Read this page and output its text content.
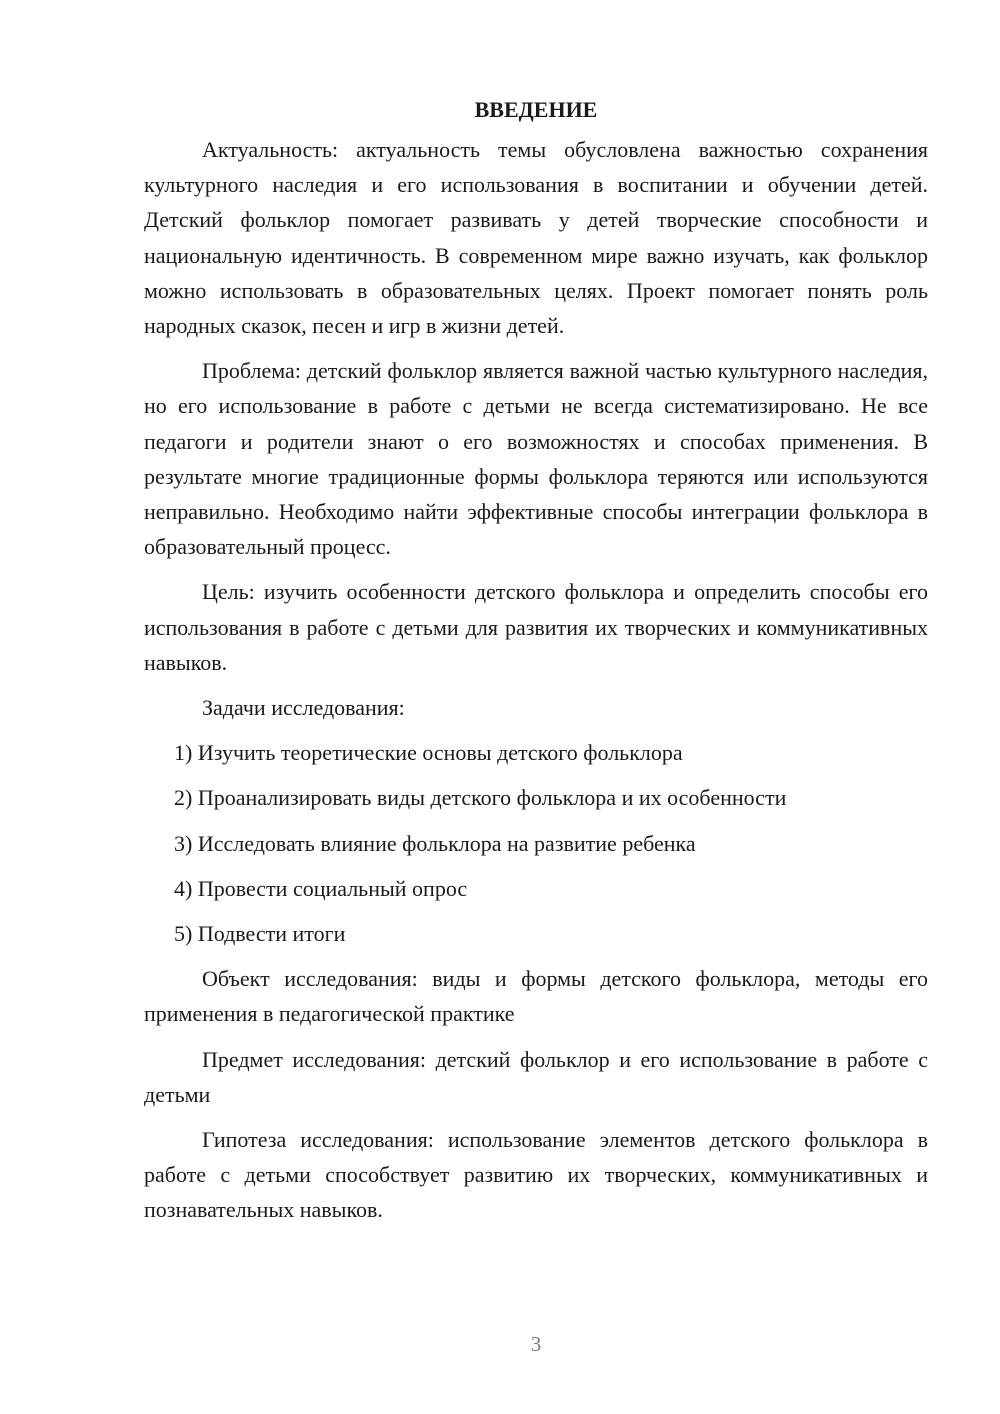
ВВЕДЕНИЕ

Актуальность: актуальность темы обусловлена важностью сохранения культурного наследия и его использования в воспитании и обучении детей. Детский фольклор помогает развивать у детей творческие способности и национальную идентичность. В современном мире важно изучать, как фольклор можно использовать в образовательных целях. Проект помогает понять роль народных сказок, песен и игр в жизни детей.

Проблема: детский фольклор является важной частью культурного наследия, но его использование в работе с детьми не всегда систематизировано. Не все педагоги и родители знают о его возможностях и способах применения. В результате многие традиционные формы фольклора теряются или используются неправильно. Необходимо найти эффективные способы интеграции фольклора в образовательный процесс.

Цель: изучить особенности детского фольклора и определить способы его использования в работе с детьми для развития их творческих и коммуникативных навыков.

Задачи исследования:

1) Изучить теоретические основы детского фольклора

2) Проанализировать виды детского фольклора и их особенности

3) Исследовать влияние фольклора на развитие ребенка

4) Провести социальный опрос

5) Подвести итоги

Объект исследования: виды и формы детского фольклора, методы его применения в педагогической практике

Предмет исследования: детский фольклор и его использование в работе с детьми

Гипотеза исследования: использование элементов детского фольклора в работе с детьми способствует развитию их творческих, коммуникативных и познавательных навыков.

3
